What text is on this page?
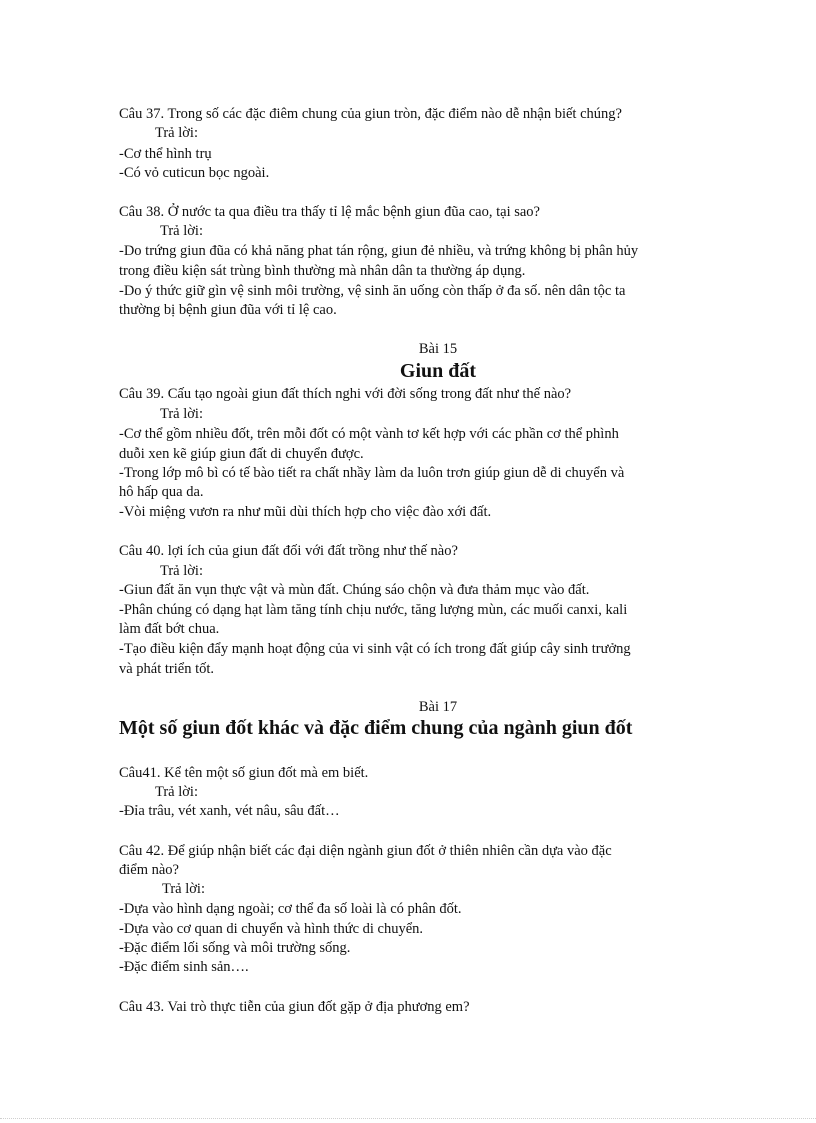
Câu 37. Trong số các đặc điêm chung của giun tròn, đặc điểm nào dễ nhận biết chúng?
Trả lời:
-Cơ thể hình trụ
-Có vỏ cuticun bọc ngoài.
Câu 38. Ở nước ta qua điều tra thấy tỉ lệ mắc bệnh giun đũa cao, tại sao?
Trả lời:
-Do trứng giun đũa có khả năng phat tán rộng, giun đẻ nhiều, và trứng không bị phân hủy
trong điều kiện sát trùng bình thường mà nhân dân ta thường áp dụng.
-Do ý thức giữ gìn vệ sinh môi trường, vệ sinh ăn uống còn thấp ở đa số. nên dân tộc ta
thường bị bệnh giun đũa với tỉ lệ cao.
Bài 15
Giun đất
Câu 39. Cấu tạo ngoài giun đất thích nghi với đời sống trong đất như thế nào?
Trả lời:
-Cơ thể gồm nhiều đốt, trên mỗi đốt có một vành tơ kết hợp với các phần cơ thể phình
duỗi xen kẽ giúp giun đất di chuyển được.
-Trong lớp mô bì có tế bào tiết ra chất nhầy làm da luôn trơn giúp giun dễ di chuyển và
hô hấp qua da.
-Vòi miệng vươn ra như mũi dùi thích hợp cho việc đào xới đất.
Câu 40. lợi ích của giun đất đối với đất trồng như thế nào?
Trả lời:
-Giun đất ăn vụn thực vật và mùn đất. Chúng sáo chộn và đưa thảm mục vào đất.
-Phân chúng có dạng hạt làm tăng tính chịu nước, tăng lượng mùn, các muối canxi, kali
làm đất bớt chua.
-Tạo điều kiện đẩy mạnh hoạt động của vi sinh vật có ích trong đất giúp cây sinh trưởng
và phát triển tốt.
Bài 17
Một số giun đốt khác và đặc điểm chung của ngành giun đốt
Câu41. Kể tên một số giun đốt mà em biết.
Trả lời:
-Đỉa trâu, vét xanh, vét nâu, sâu đất…
Câu 42. Để giúp nhận biết các đại diện ngành giun đốt ở thiên nhiên cần dựa vào đặc
điểm nào?
Trả lời:
-Dựa vào hình dạng ngoài; cơ thể đa số loài là có phân đốt.
-Dựa vào cơ quan di chuyển và hình thức di chuyển.
-Đặc điểm lối sống và môi trường sống.
-Đặc điểm sinh sản….
Câu 43. Vai trò thực tiễn của giun đốt gặp ở địa phương em?
